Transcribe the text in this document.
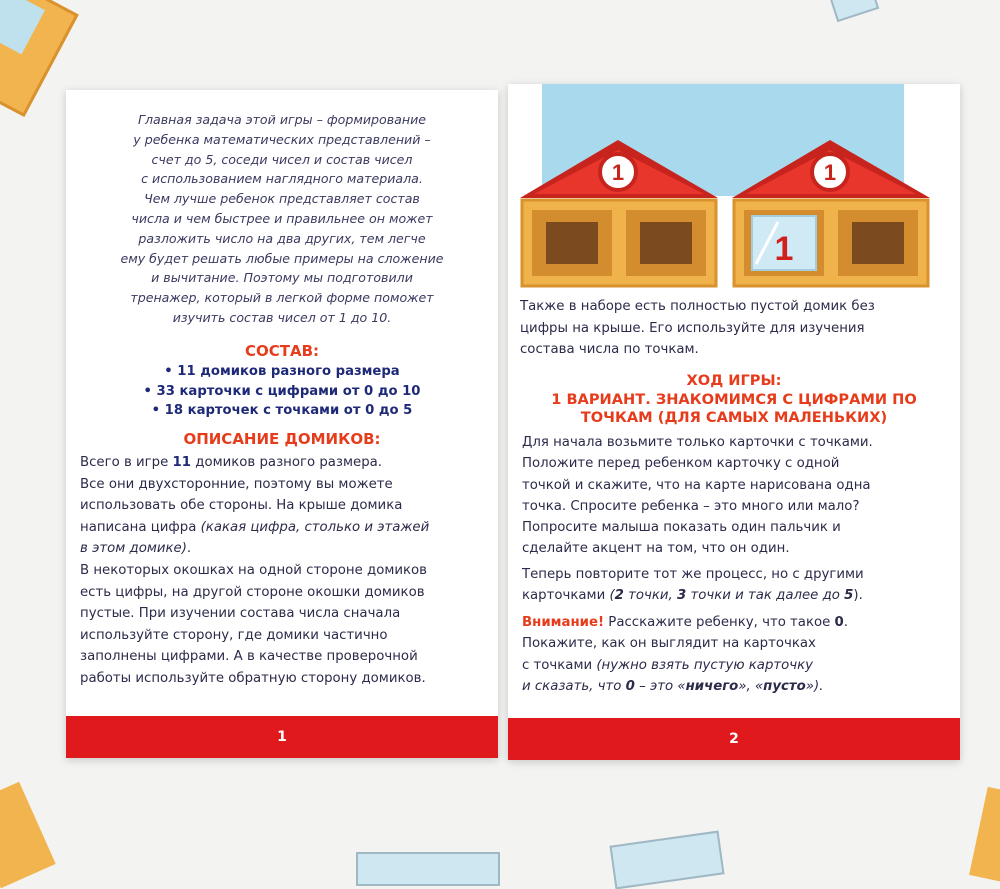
Главная задача этой игры – формирование

у ребенка математических представлений –

счет до 5, соседи чисел и состав чисел

с использованием наглядного материала.

Чем лучше ребенок представляет состав

числа и чем быстрее и правильнее он может

разложить число на два других, тем легче

ему будет решать любые примеры на сложение

и вычитание. Поэтому мы подготовили

тренажер, который в легкой форме поможет

изучить состав чисел от 1 до 10.

СОСТАВ:

• 11 домиков разного размера

• 33 карточки с цифрами от 0 до 10

• 18 карточек с точками от 0 до 5

ОПИСАНИЕ ДОМИКОВ:

Всего в игре 11 домиков разного размера.

Все они двухсторонние, поэтому вы можете

использовать обе стороны. На крыше домика

написана цифра (какая цифра, столько и этажей

в этом домике).

В некоторых окошках на одной стороне домиков

есть цифры, на другой стороне окошки домиков

пустые. При изучении состава числа сначала

используйте сторону, где домики частично

заполнены цифрами. А в качестве проверочной

работы используйте обратную сторону домиков.

1
1	1
1

Также в наборе есть полностью пустой домик без

цифры на крыше. Его используйте для изучения

состава числа по точкам.

ХОД ИГРЫ:

1 ВАРИАНТ. ЗНАКОМИМСЯ С ЦИФРАМИ ПО

ТОЧКАМ (ДЛЯ САМЫХ МАЛЕНЬКИХ)

Для начала возьмите только карточки с точками.

Положите перед ребенком карточку с одной

точкой и скажите, что на карте нарисована одна

точка. Спросите ребенка – это много или мало?

Попросите малыша показать один пальчик и

сделайте акцент на том, что он один.

Теперь повторите тот же процесс, но с другими

карточками (2 точки, 3 точки и так далее до 5).

Внимание! Расскажите ребенку, что такое 0.

Покажите, как он выглядит на карточках

с точками (нужно взять пустую карточку

и сказать, что 0 – это «ничего», «пусто»).

2
